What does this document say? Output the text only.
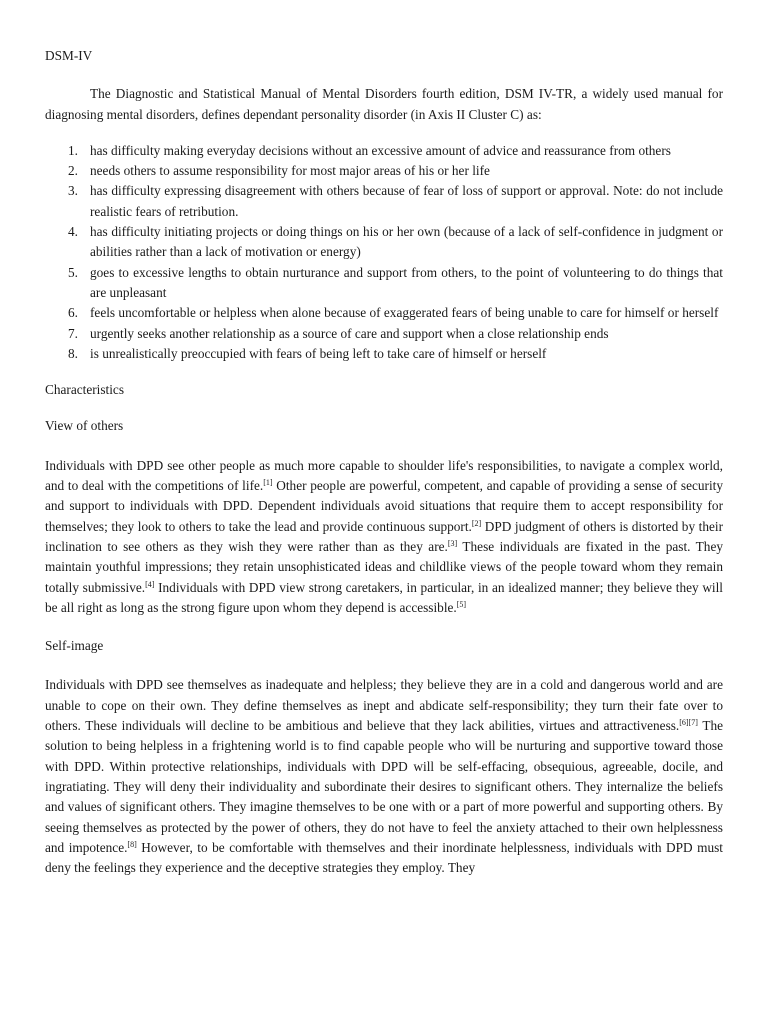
DSM-IV

The Diagnostic and Statistical Manual of Mental Disorders fourth edition, DSM IV-TR, a widely used manual for diagnosing mental disorders, defines dependant personality disorder (in Axis II Cluster C) as:

1. has difficulty making everyday decisions without an excessive amount of advice and reassurance from others
2. needs others to assume responsibility for most major areas of his or her life
3. has difficulty expressing disagreement with others because of fear of loss of support or approval. Note: do not include realistic fears of retribution.
4. has difficulty initiating projects or doing things on his or her own (because of a lack of self-confidence in judgment or abilities rather than a lack of motivation or energy)
5. goes to excessive lengths to obtain nurturance and support from others, to the point of volunteering to do things that are unpleasant
6. feels uncomfortable or helpless when alone because of exaggerated fears of being unable to care for himself or herself
7. urgently seeks another relationship as a source of care and support when a close relationship ends
8. is unrealistically preoccupied with fears of being left to take care of himself or herself

Characteristics

View of others

Individuals with DPD see other people as much more capable to shoulder life's responsibilities, to navigate a complex world, and to deal with the competitions of life.[1] Other people are powerful, competent, and capable of providing a sense of security and support to individuals with DPD. Dependent individuals avoid situations that require them to accept responsibility for themselves; they look to others to take the lead and provide continuous support.[2] DPD judgment of others is distorted by their inclination to see others as they wish they were rather than as they are.[3] These individuals are fixated in the past. They maintain youthful impressions; they retain unsophisticated ideas and childlike views of the people toward whom they remain totally submissive.[4] Individuals with DPD view strong caretakers, in particular, in an idealized manner; they believe they will be all right as long as the strong figure upon whom they depend is accessible.[5]

Self-image

Individuals with DPD see themselves as inadequate and helpless; they believe they are in a cold and dangerous world and are unable to cope on their own. They define themselves as inept and abdicate self-responsibility; they turn their fate over to others. These individuals will decline to be ambitious and believe that they lack abilities, virtues and attractiveness.[6][7] The solution to being helpless in a frightening world is to find capable people who will be nurturing and supportive toward those with DPD. Within protective relationships, individuals with DPD will be self-effacing, obsequious, agreeable, docile, and ingratiating. They will deny their individuality and subordinate their desires to significant others. They internalize the beliefs and values of significant others. They imagine themselves to be one with or a part of more powerful and supporting others. By seeing themselves as protected by the power of others, they do not have to feel the anxiety attached to their own helplessness and impotence.[8] However, to be comfortable with themselves and their inordinate helplessness, individuals with DPD must deny the feelings they experience and the deceptive strategies they employ. They
